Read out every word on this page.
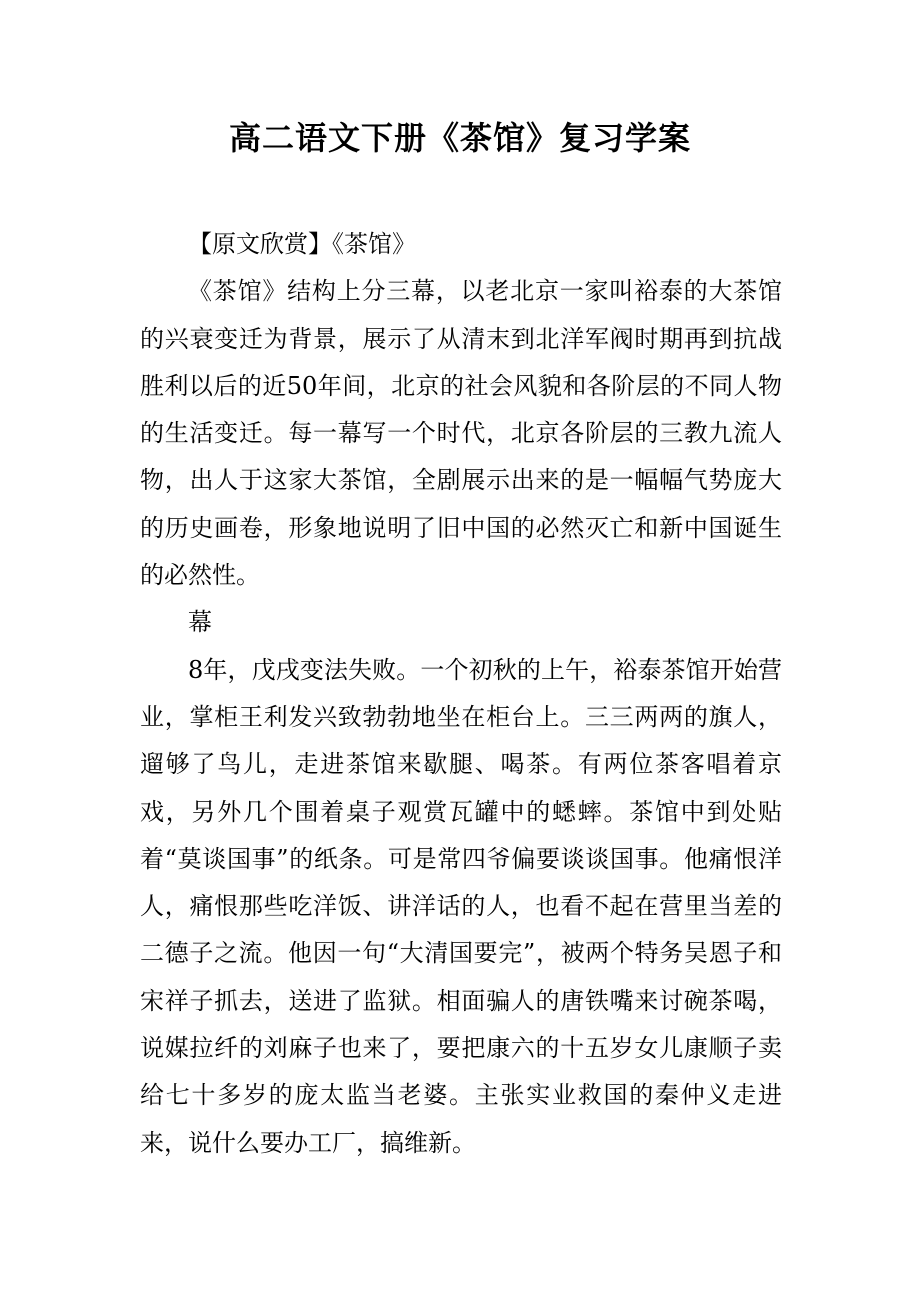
高二语文下册《茶馆》复习学案

【原文欣赏】《茶馆》

《茶馆》结构上分三幕，以老北京一家叫裕泰的大茶馆的兴衰变迁为背景，展示了从清末到北洋军阀时期再到抗战胜利以后的近50年间，北京的社会风貌和各阶层的不同人物的生活变迁。每一幕写一个时代，北京各阶层的三教九流人物，出人于这家大茶馆，全剧展示出来的是一幅幅气势庞大的历史画卷，形象地说明了旧中国的必然灭亡和新中国诞生的必然性。

幕

8年，戊戌变法失败。一个初秋的上午，裕泰茶馆开始营业，掌柜王利发兴致勃勃地坐在柜台上。三三两两的旗人，遛够了鸟儿，走进茶馆来歇腿、喝茶。有两位茶客唱着京戏，另外几个围着桌子观赏瓦罐中的蟋蟀。茶馆中到处贴着“莫谈国事”的纸条。可是常四爷偏要谈谈国事。他痛恨洋人，痛恨那些吃洋饭、讲洋话的人，也看不起在营里当差的二德子之流。他因一句“大清国要完”，被两个特务吴恩子和宋祥子抓去，送进了监狱。相面骗人的唐铁嘴来讨碗茶喝，说媒拉纤的刘麻子也来了，要把康六的十五岁女儿康顺子卖给七十多岁的庞太监当老婆。主张实业救国的秦仲义走进来，说什么要办工厂，搞维新。
